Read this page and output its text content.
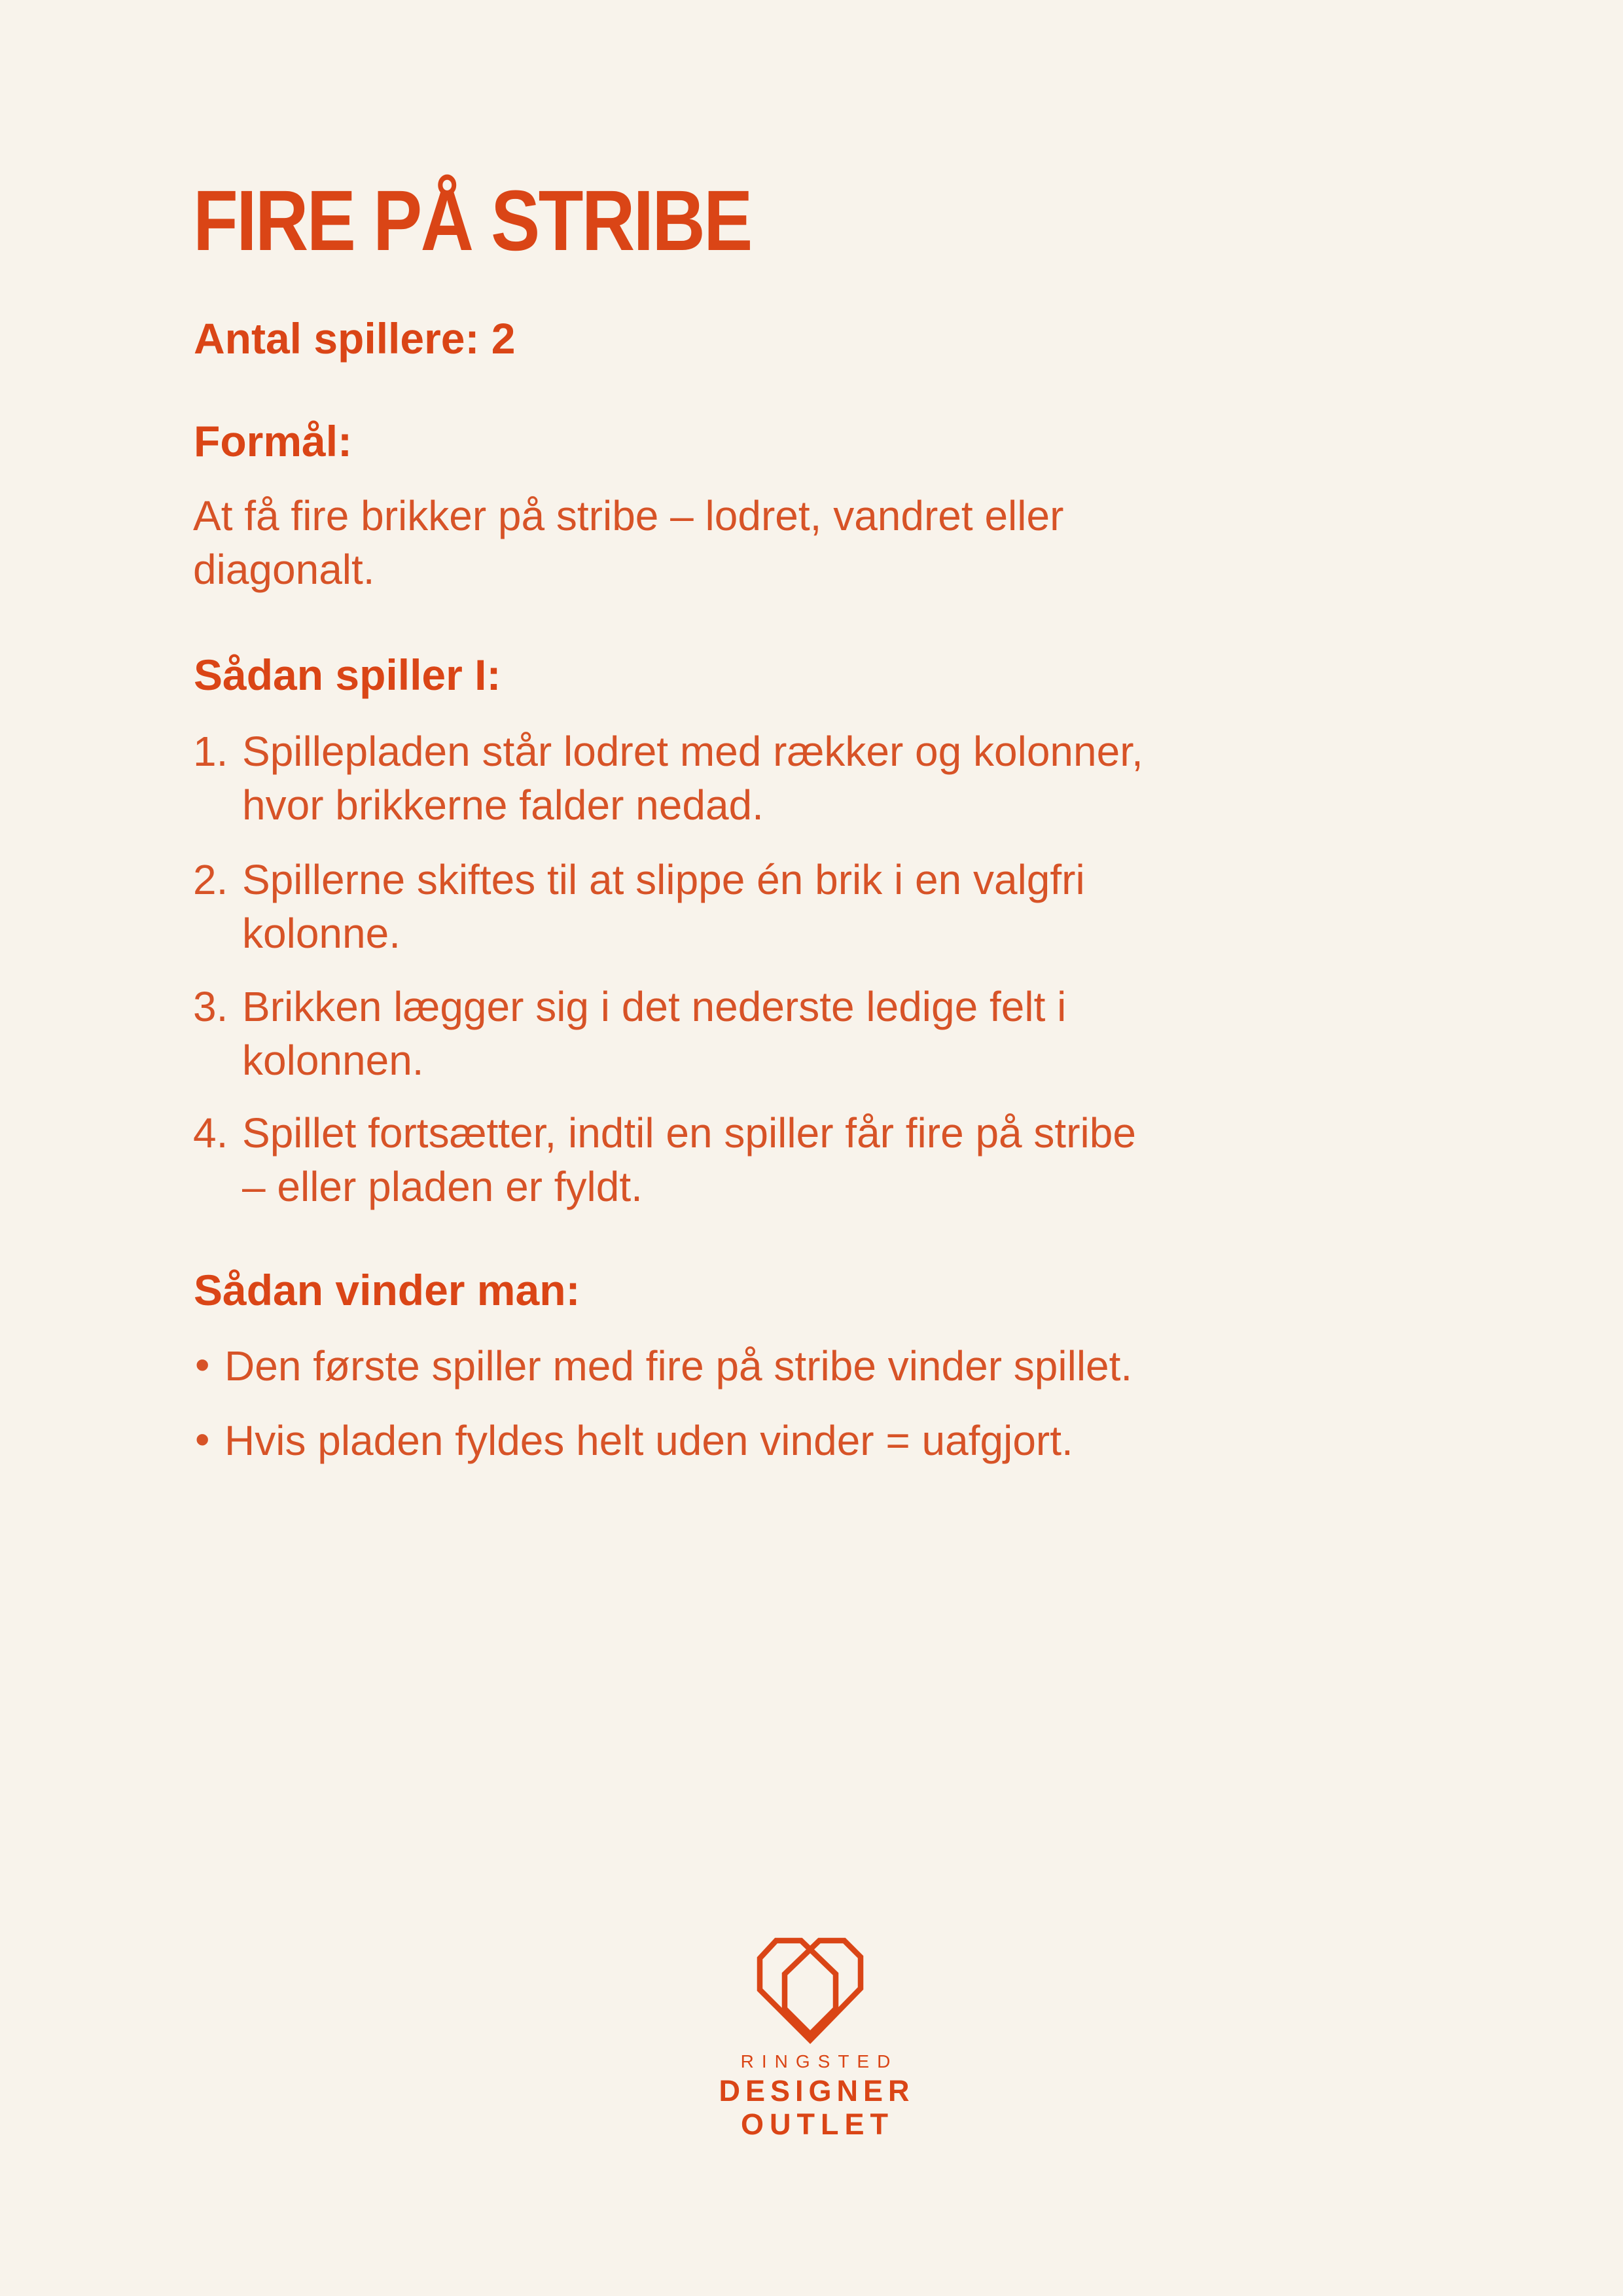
FIRE PÅ STRIBE
Antal spillere: 2
Formål:
At få fire brikker på stribe – lodret, vandret eller
diagonalt.
Sådan spiller I:
1. Spillepladen står lodret med rækker og kolonner,
hvor brikkerne falder nedad.
2. Spillerne skiftes til at slippe én brik i en valgfri
kolonne.
3. Brikken lægger sig i det nederste ledige felt i
kolonnen.
4. Spillet fortsætter, indtil en spiller får fire på stribe
– eller pladen er fyldt.
Sådan vinder man:
• Den første spiller med fire på stribe vinder spillet.
• Hvis pladen fyldes helt uden vinder = uafgjort.
RINGSTED
DESIGNER
OUTLET
